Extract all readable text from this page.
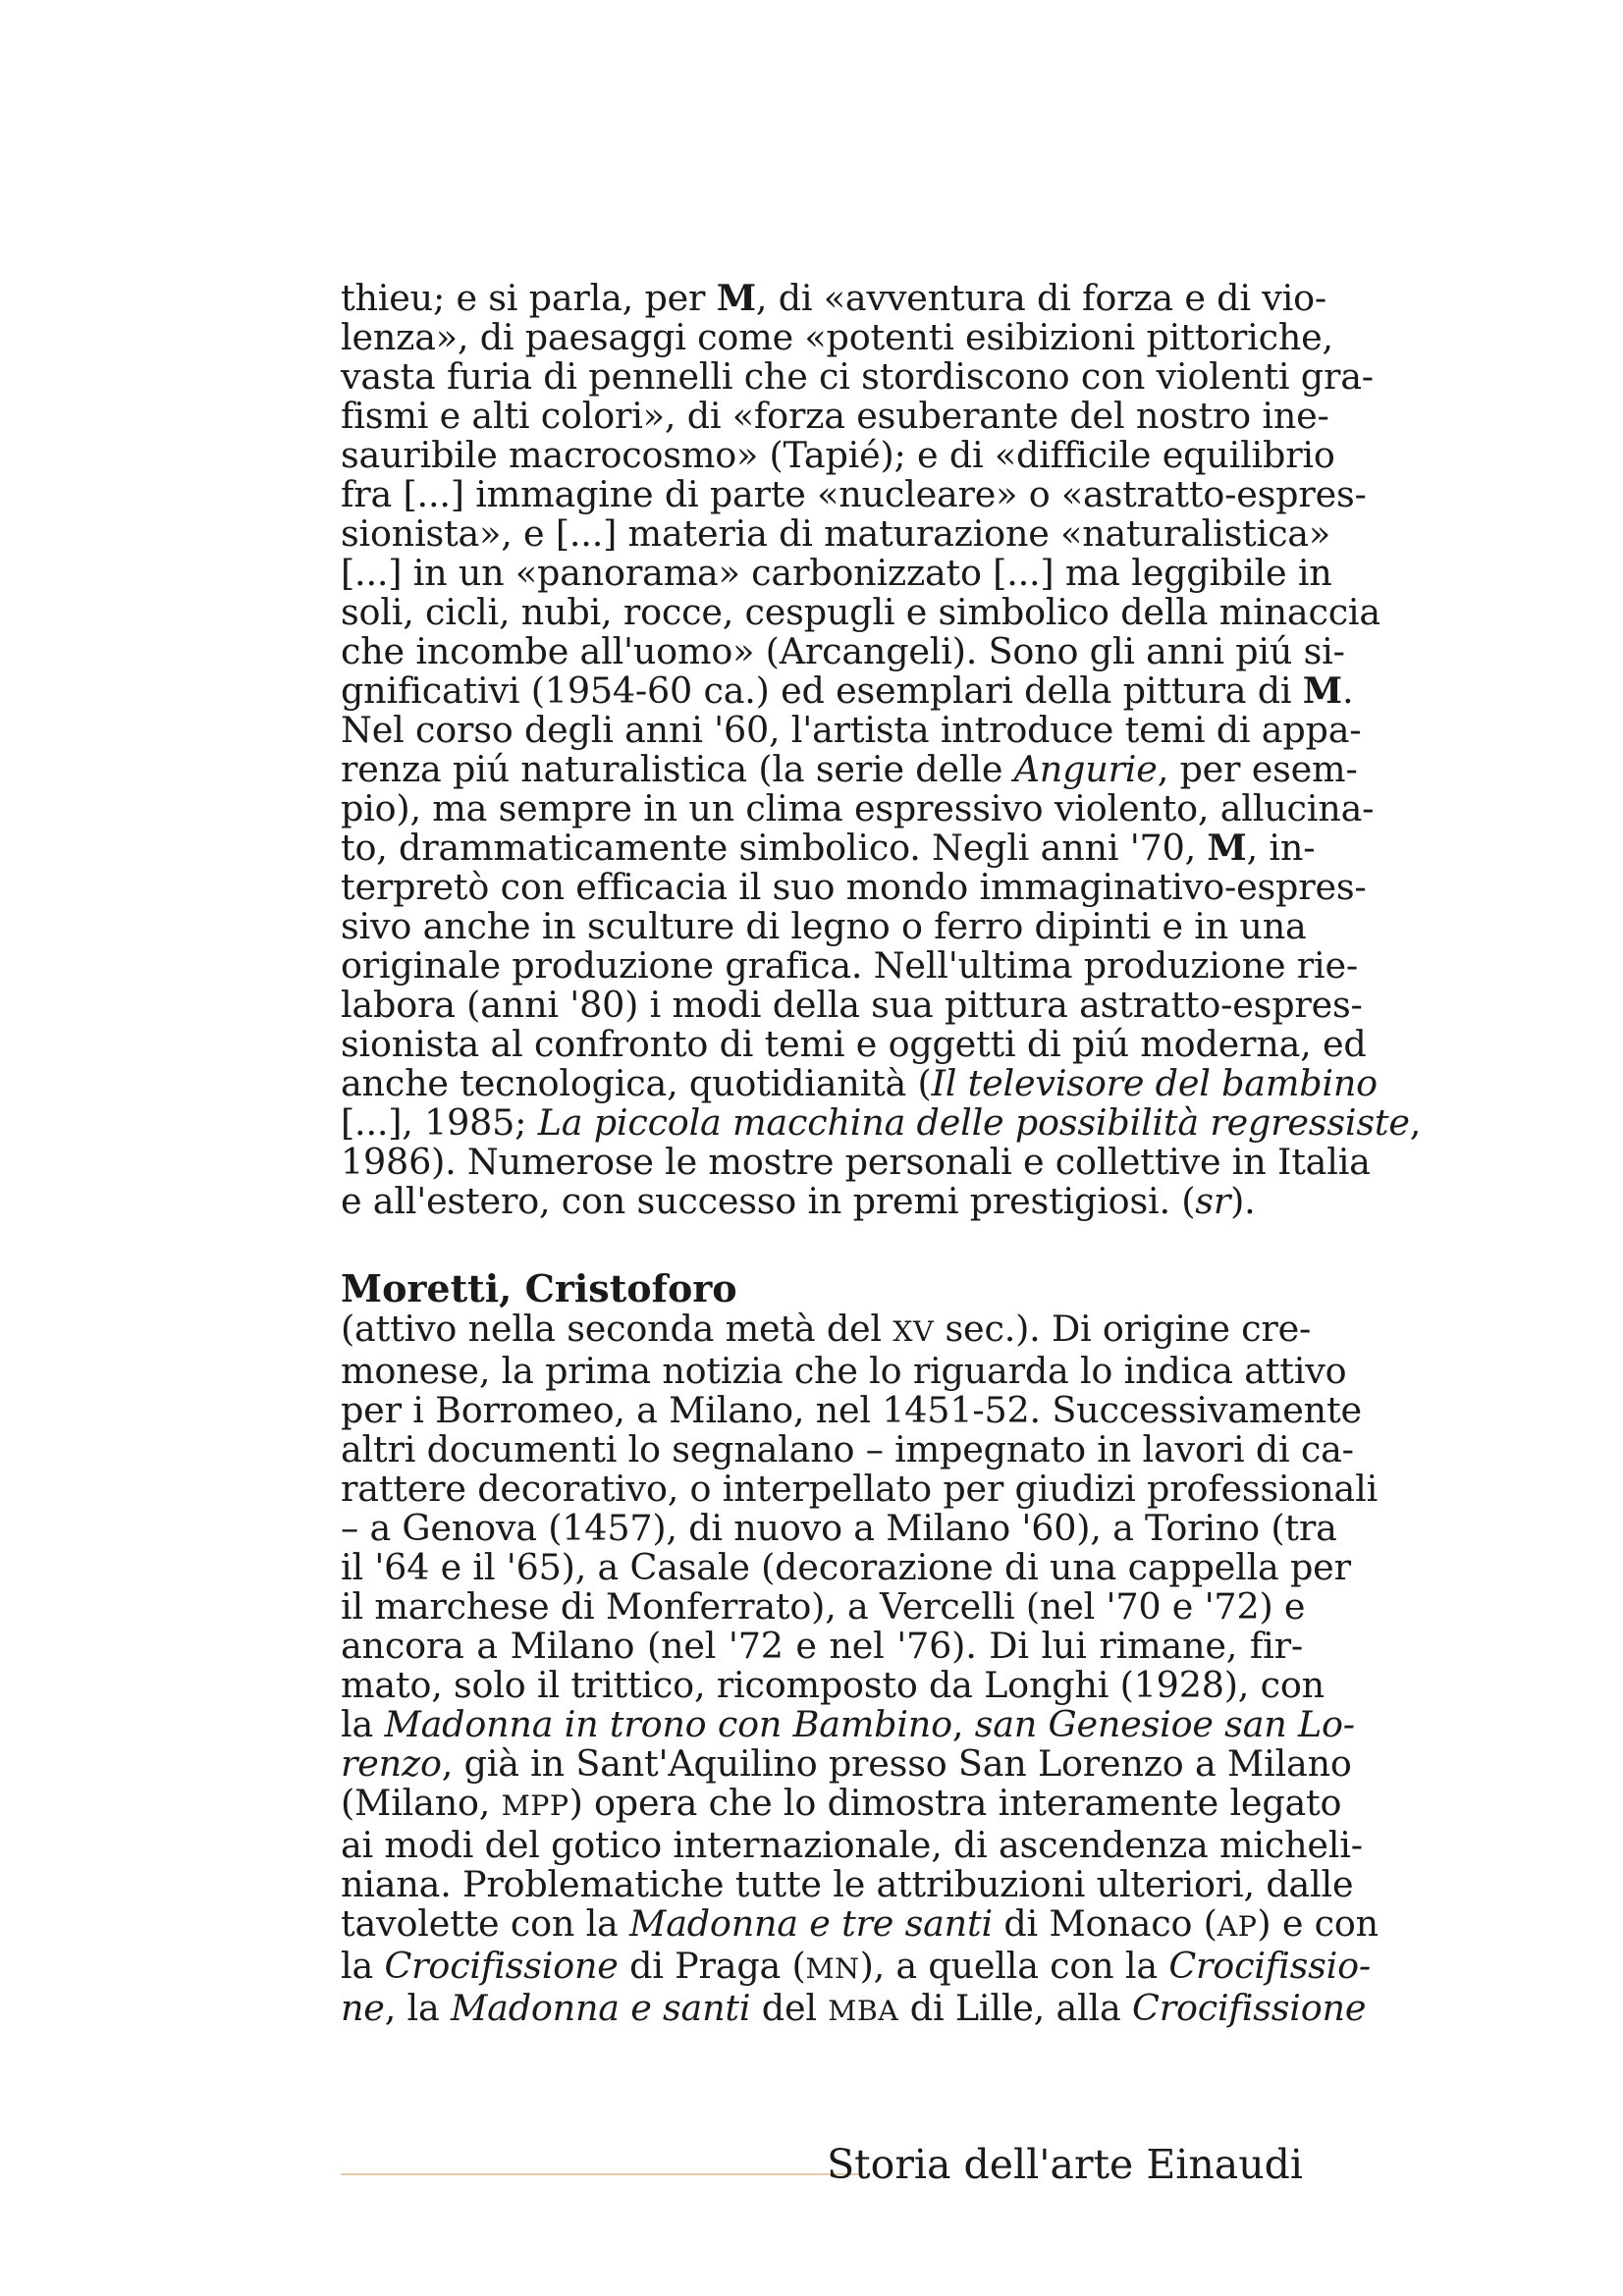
thieu; e si parla, per M, di «avventura di forza e di vio-
lenza», di paesaggi come «potenti esibizioni pittoriche,
vasta furia di pennelli che ci stordiscono con violenti gra-
fismi e alti colori», di «forza esuberante del nostro ine-
sauribile macrocosmo» (Tapié); e di «difficile equilibrio
fra [...] immagine di parte «nucleare» o «astratto-espres-
sionista», e [...] materia di maturazione «naturalistica»
[...] in un «panorama» carbonizzato [...] ma leggibile in
soli, cicli, nubi, rocce, cespugli e simbolico della minaccia
che incombe all'uomo» (Arcangeli). Sono gli anni piú si-
gnificativi (1954-60 ca.) ed esemplari della pittura di M.
Nel corso degli anni '60, l'artista introduce temi di appa-
renza piú naturalistica (la serie delle Angurie, per esem-
pio), ma sempre in un clima espressivo violento, allucina-
to, drammaticamente simbolico. Negli anni '70, M, in-
terpretò con efficacia il suo mondo immaginativo-espres-
sivo anche in sculture di legno o ferro dipinti e in una
originale produzione grafica. Nell'ultima produzione rie-
labora (anni '80) i modi della sua pittura astratto-espres-
sionista al confronto di temi e oggetti di piú moderna, ed
anche tecnologica, quotidianità (Il televisore del bambino
[...], 1985; La piccola macchina delle possibilità regressiste,
1986). Numerose le mostre personali e collettive in Italia
e all'estero, con successo in premi prestigiosi. (sr).
Moretti, Cristoforo
(attivo nella seconda metà del XV sec.). Di origine cre-
monese, la prima notizia che lo riguarda lo indica attivo
per i Borromeo, a Milano, nel 1451-52. Successivamente
altri documenti lo segnalano – impegnato in lavori di ca-
rattere decorativo, o interpellato per giudizi professionali
– a Genova (1457), di nuovo a Milano '60), a Torino (tra
il '64 e il '65), a Casale (decorazione di una cappella per
il marchese di Monferrato), a Vercelli (nel '70 e '72) e
ancora a Milano (nel '72 e nel '76). Di lui rimane, fir-
mato, solo il trittico, ricomposto da Longhi (1928), con
la Madonna in trono con Bambino, san Genesioe san Lo-
renzo, già in Sant'Aquilino presso San Lorenzo a Milano
(Milano, MPP) opera che lo dimostra interamente legato
ai modi del gotico internazionale, di ascendenza micheli-
niana. Problematiche tutte le attribuzioni ulteriori, dalle
tavolette con la Madonna e tre santi di Monaco (AP) e con
la Crocifissione di Praga (MN), a quella con la Crocifissio-
ne, la Madonna e santi del MBA di Lille, alla Crocifissione
Storia dell'arte Einaudi
